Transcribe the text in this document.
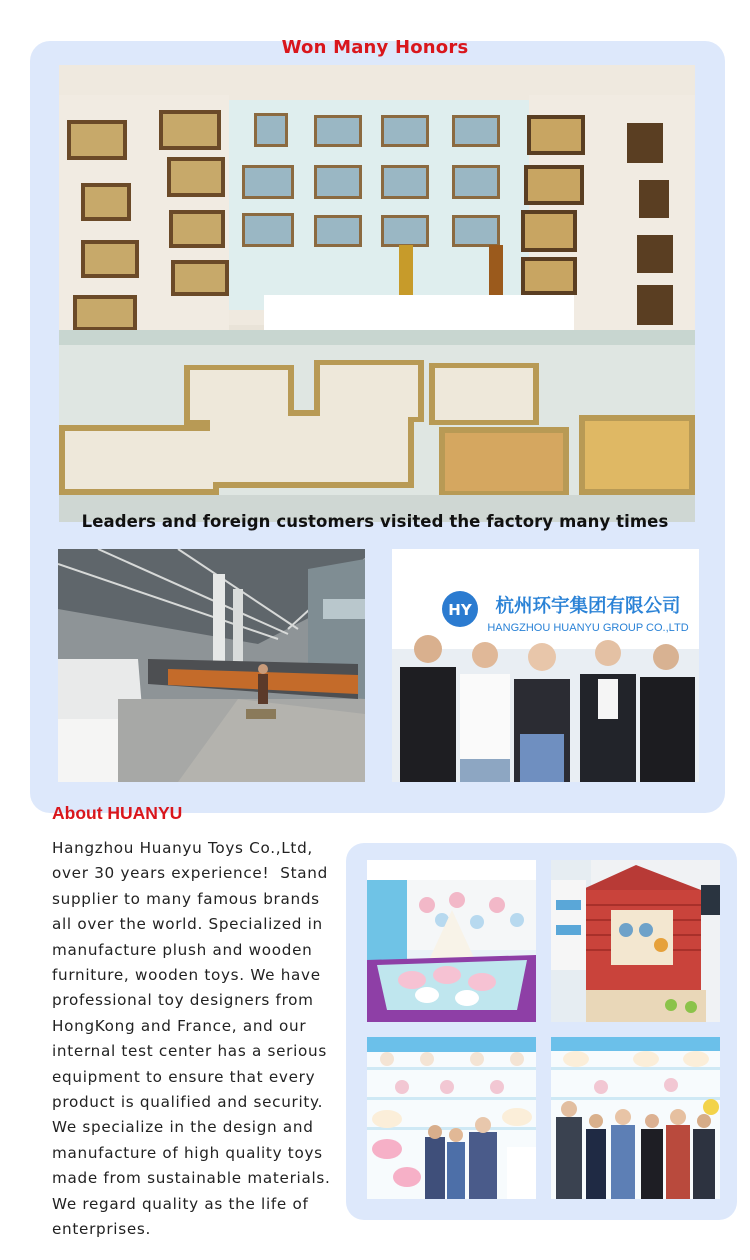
Won Many Honors
Leaders and foreign customers visited the factory many times
HY 杭州环宇集团有限公司
HANGZHOU HUANYU GROUP CO.,LTD
About HUANYU
Hangzhou Huanyu Toys Co.,Ltd,
over 30 years experience!  Stand
supplier to many famous brands
all over the world. Specialized in
manufacture plush and wooden
furniture, wooden toys. We have
professional toy designers from
HongKong and France, and our
internal test center has a serious
equipment to ensure that every
product is qualified and security.
We specialize in the design and
manufacture of high quality toys
made from sustainable materials.
We regard quality as the life of
enterprises.
